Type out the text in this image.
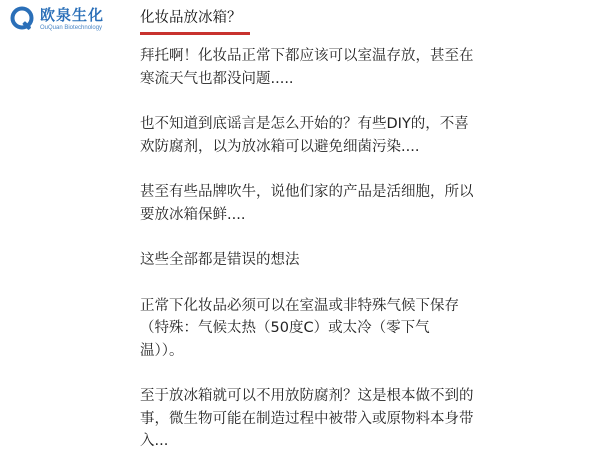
欧泉生化
OuQuan Biotechnology
化妆品放冰箱？

拜托啊！化妆品正常下都应该可以室温存放，甚至在
寒流天气也都没问题.....

也不知道到底谣言是怎么开始的？有些DIY的，不喜
欢防腐剂，以为放冰箱可以避免细菌污染....

甚至有些品牌吹牛，说他们家的产品是活细胞，所以
要放冰箱保鲜....

这些全部都是错误的想法

正常下化妆品必须可以在室温或非特殊气候下保存
（特殊：气候太热（50度C）或太冷（零下气
温））。

至于放冰箱就可以不用放防腐剂？这是根本做不到的
事，微生物可能在制造过程中被带入或原物料本身带
入...
